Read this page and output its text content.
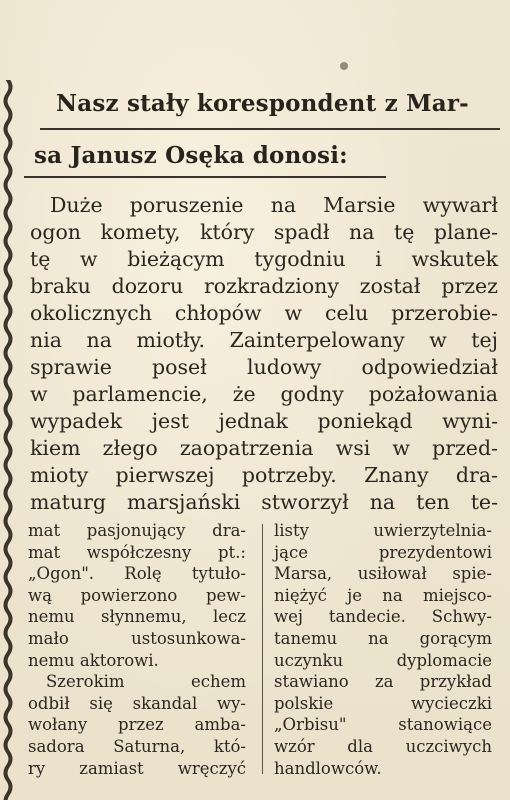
Nasz stały korespondent z Mar-
sa Janusz Osęka donosi:
Duże poruszenie na Marsie wywarł
ogon komety, który spadł na tę plane-
tę w bieżącym tygodniu i wskutek
braku dozoru rozkradziony został przez
okolicznych chłopów w celu przerobie-
nia na miotły. Zainterpelowany w tej
sprawie poseł ludowy odpowiedział
w parlamencie, że godny pożałowania
wypadek jest jednak poniekąd wyni-
kiem złego zaopatrzenia wsi w przed-
mioty pierwszej potrzeby. Znany dra-
maturg marsjański stworzył na ten te-
mat pasjonujący dra-
mat współczesny pt.:
„Ogon". Rolę tytuło-
wą powierzono pew-
nemu słynnemu, lecz
mało ustosunkowa-
nemu aktorowi.
Szerokim echem
odbił się skandal wy-
wołany przez amba-
sadora Saturna, któ-
ry zamiast wręczyć
listy uwierzytelnia-
jące prezydentowi
Marsa, usiłował spie-
niężyć je na miejsco-
wej tandecie. Schwy-
tanemu na gorącym
uczynku dyplomacie
stawiano za przykład
polskie wycieczki
„Orbisu" stanowiące
wzór dla uczciwych
handlowców.
